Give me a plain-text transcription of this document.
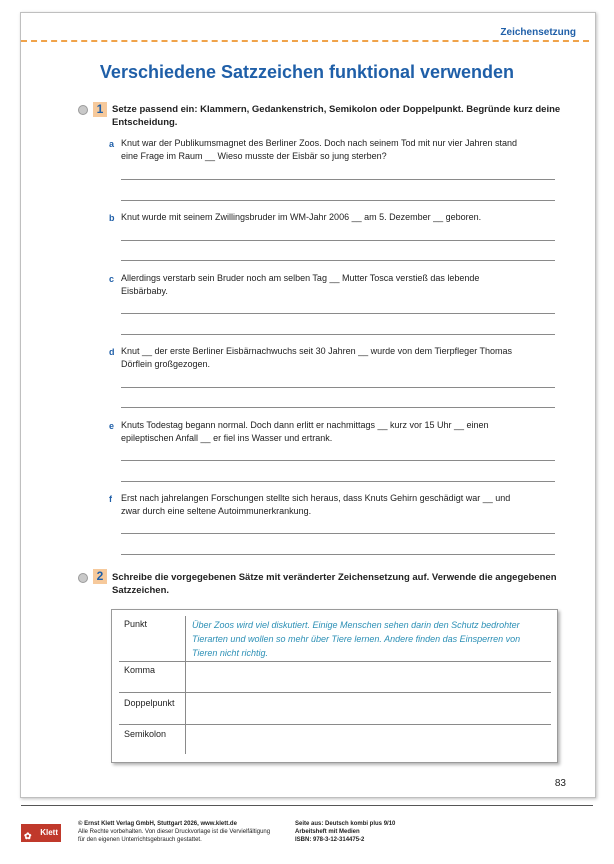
Zeichensetzung
Verschiedene Satzzeichen funktional verwenden
1 Setze passend ein: Klammern, Gedankenstrich, Semikolon oder Doppelpunkt. Begründe kurz deine
Entscheidung.
a Knut war der Publikumsmagnet des Berliner Zoos. Doch nach seinem Tod mit nur vier Jahren stand
eine Frage im Raum __ Wieso musste der Eisbär so jung sterben?
b Knut wurde mit seinem Zwillingsbruder im WM-Jahr 2006 __ am 5. Dezember __ geboren.
c Allerdings verstarb sein Bruder noch am selben Tag __ Mutter Tosca verstieß das lebende
Eisbärbaby.
d Knut __ der erste Berliner Eisbärnachwuchs seit 30 Jahren __ wurde von dem Tierpfleger Thomas
Dörflein großgezogen.
e Knuts Todestag begann normal. Doch dann erlitt er nachmittags __ kurz vor 15 Uhr __ einen
epileptischen Anfall __ er fiel ins Wasser und ertrank.
f Erst nach jahrelangen Forschungen stellte sich heraus, dass Knuts Gehirn geschädigt war __ und
zwar durch eine seltene Autoimmunerkrankung.
2 Schreibe die vorgegebenen Sätze mit veränderter Zeichensetzung auf. Verwende die angegebenen
Satzzeichen.
Punkt
Komma
Doppelpunkt
Semikolon
Über Zoos wird viel diskutiert. Einige Menschen sehen darin den Schutz bedrohter
Tierarten und wollen so mehr über Tiere lernen. Andere finden das Einsperren von
Tieren nicht richtig.
83
✿ Klett
© Ernst Klett Verlag GmbH, Stuttgart 2026, www.klett.de
Alle Rechte vorbehalten. Von dieser Druckvorlage ist die Vervielfältigung
für den eigenen Unterrichtsgebrauch gestattet.
Seite aus: Deutsch kombi plus 9/10
Arbeitsheft mit Medien
ISBN: 978-3-12-314475-2
